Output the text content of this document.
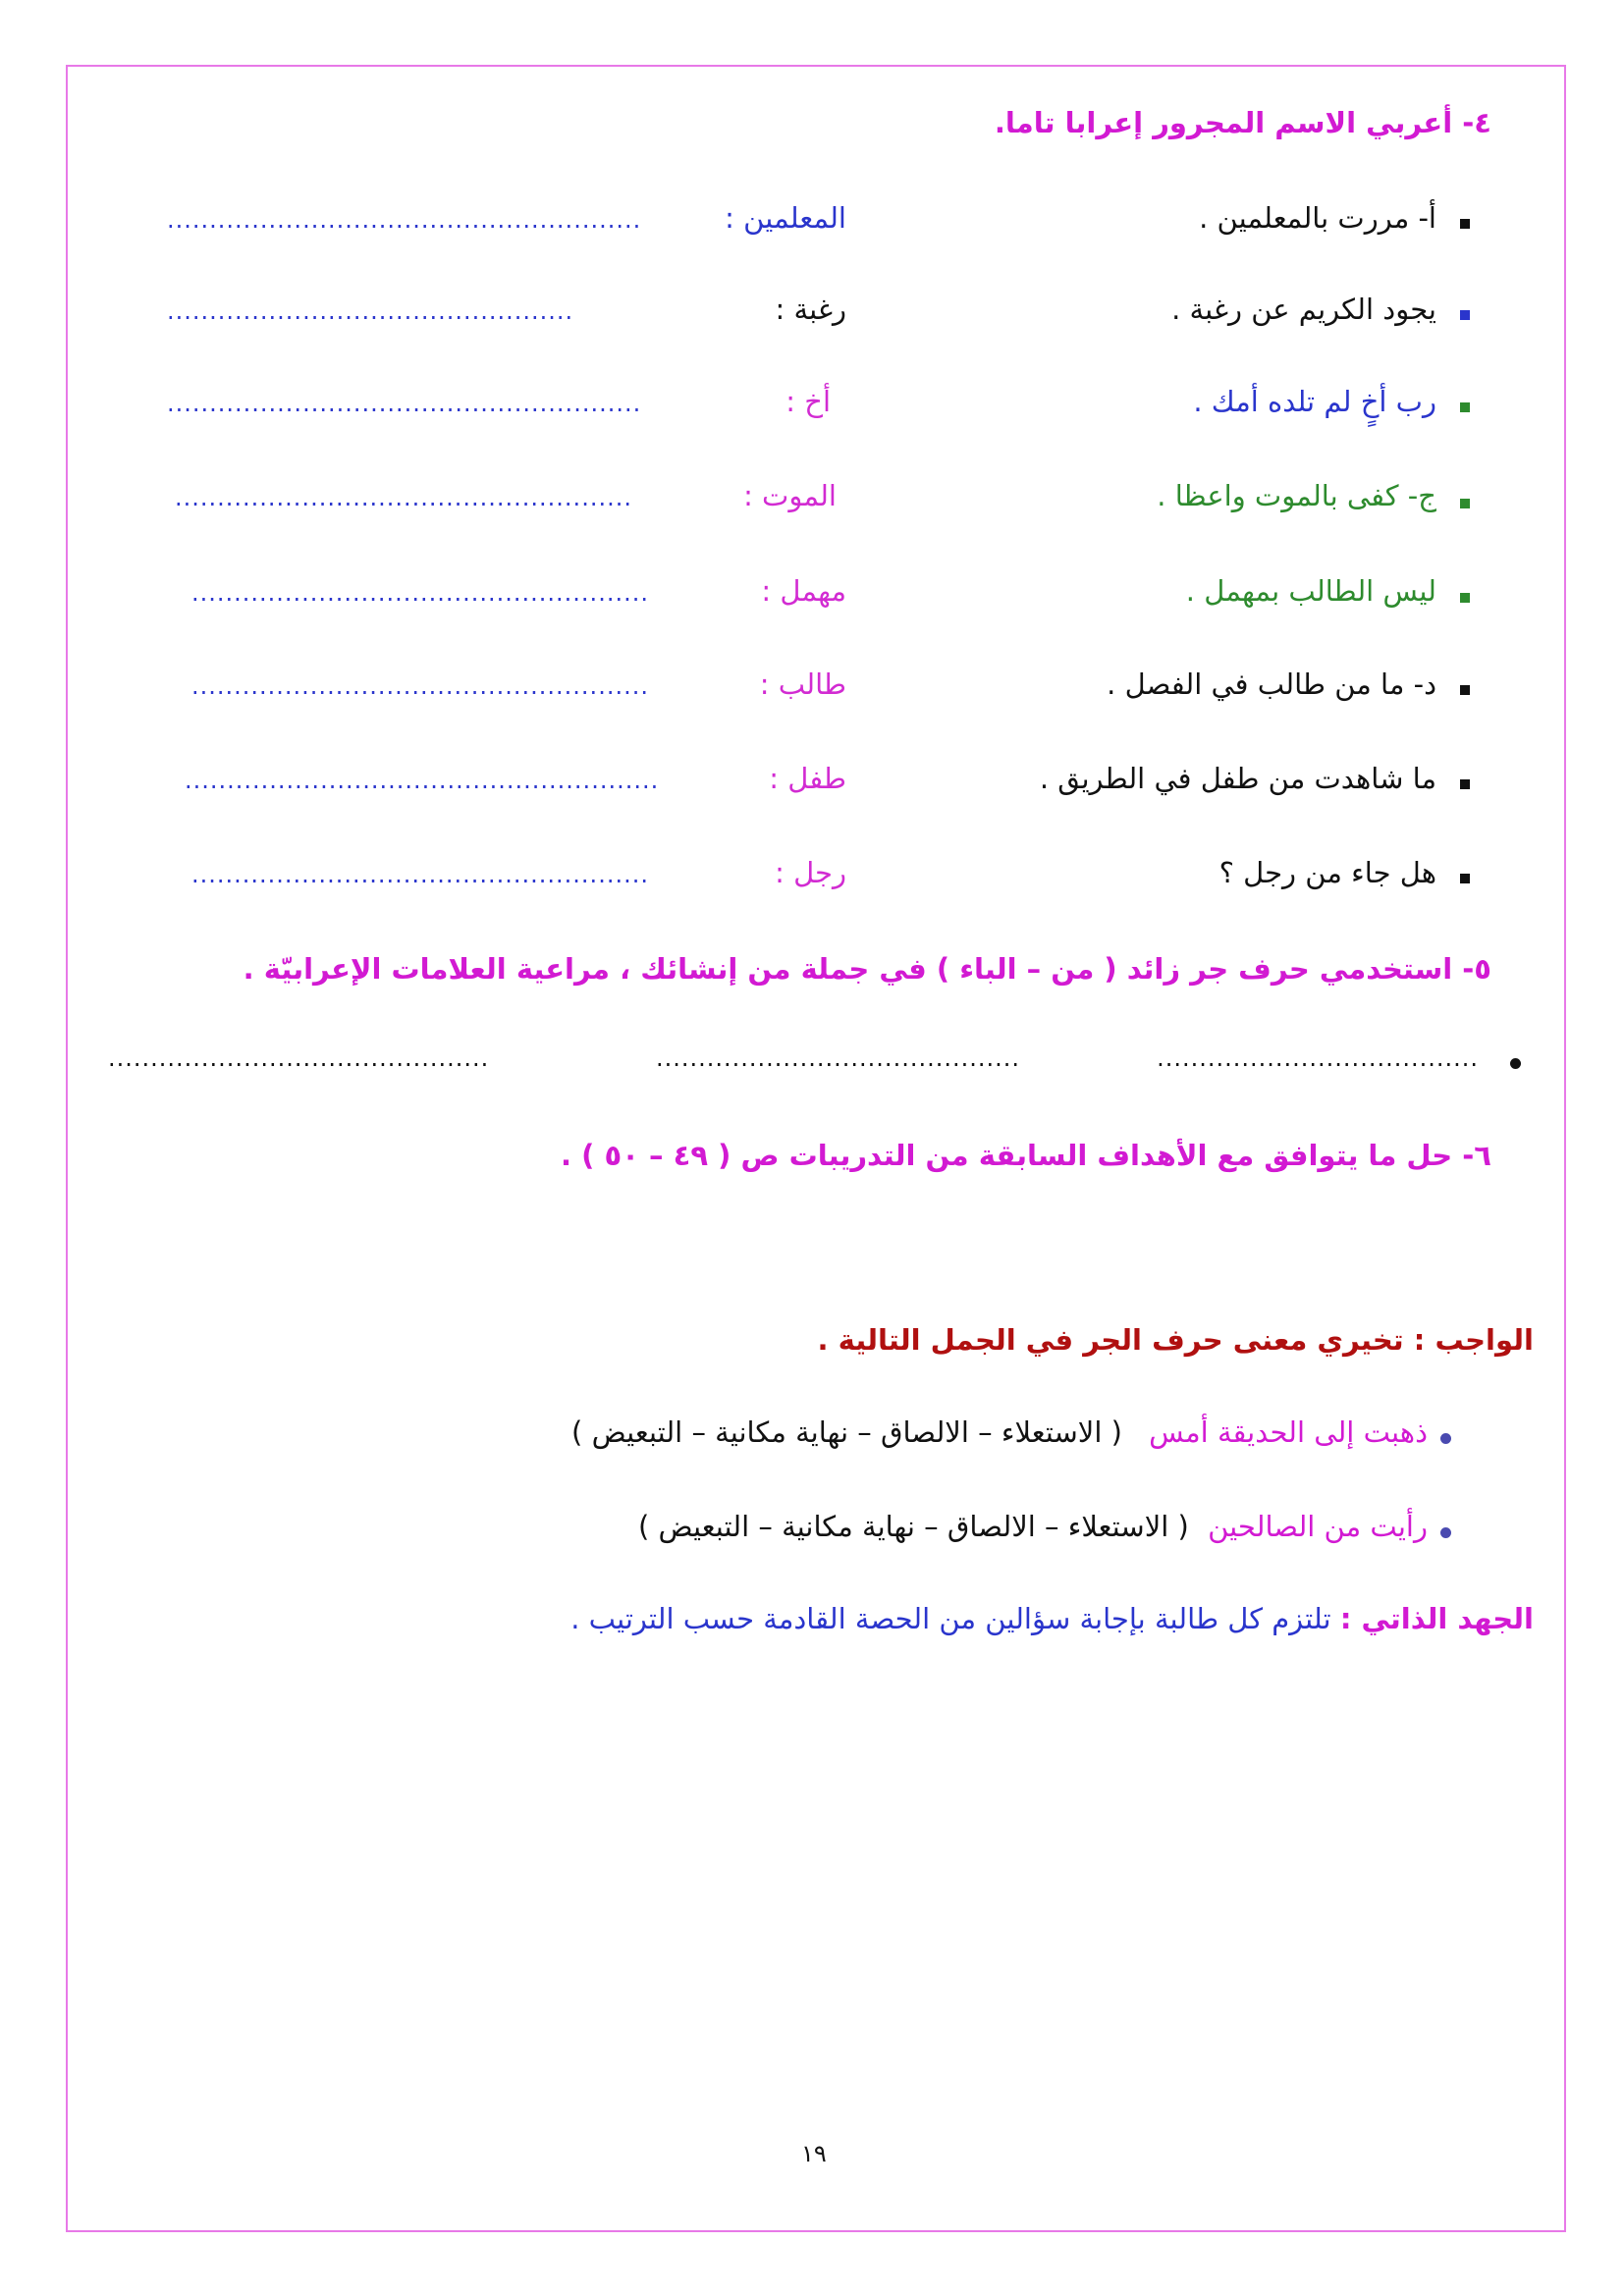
٤- أعربي الاسم المجرور إعرابا تاما.
أ- مررت بالمعلمين .
المعلمين :
........................................................
يجود الكريم عن رغبة .
رغبة :
................................................
رب أخٍ لم تلده أمك .
أخ :
........................................................
ج- كفى بالموت واعظا .
الموت :
......................................................
ليس الطالب بمهمل .
مهمل :
......................................................
د- ما من طالب في الفصل .
طالب :
......................................................
ما شاهدت من طفل في الطريق .
طفل :
........................................................
هل جاء من رجل ؟
رجل :
......................................................
٥- استخدمي حرف جر زائد ( من – الباء ) في جملة من إنشائك ، مراعية العلامات الإعرابيّة .
......................................
...........................................
.............................................
٦- حل ما يتوافق مع الأهداف السابقة من التدريبات ص ( ٤٩ – ٥٠ ) .
الواجب : تخيري معنى حرف الجر في الجمل التالية .
ذهبت إلى الحديقة أمس ( الاستعلاء – الالصاق – نهاية مكانية – التبعيض )
رأيت من الصالحين ( الاستعلاء – الالصاق – نهاية مكانية – التبعيض )
الجهد الذاتي : تلتزم كل طالبة بإجابة سؤالين من الحصة القادمة حسب الترتيب .
١٩
